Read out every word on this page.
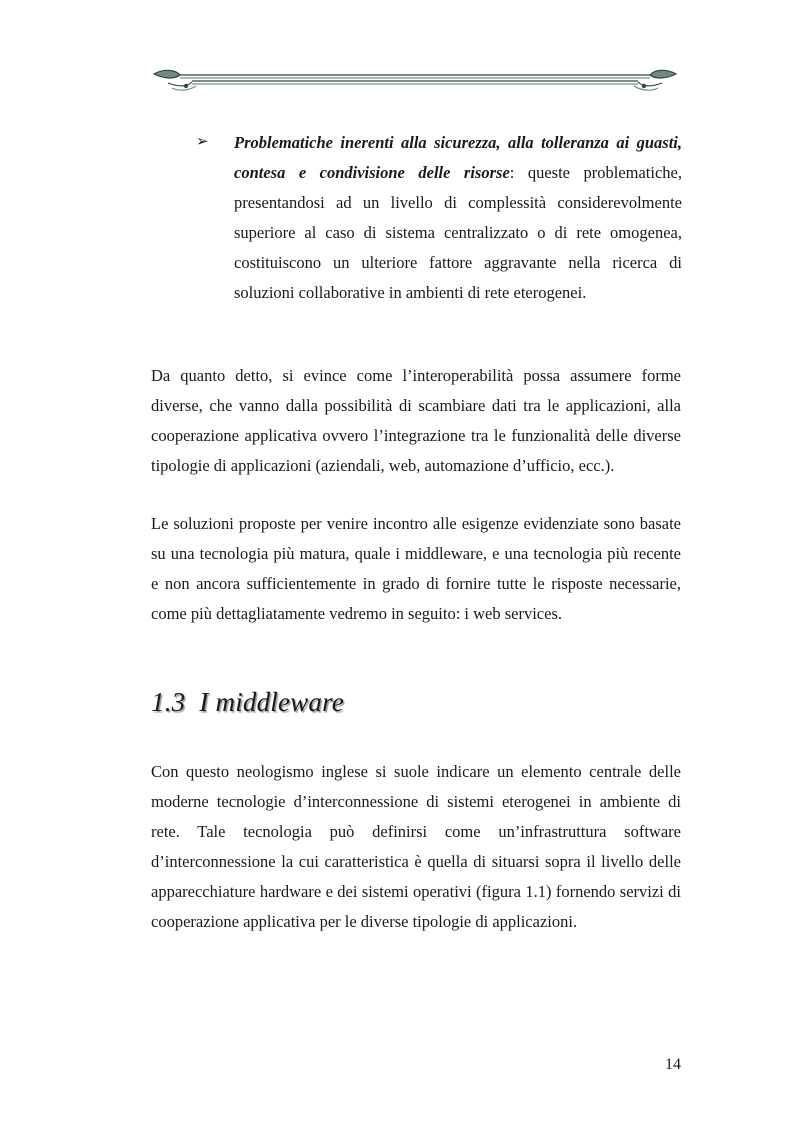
➢ Problematiche inerenti alla sicurezza, alla tolleranza ai guasti, contesa e condivisione delle risorse: queste problematiche, presentandosi ad un livello di complessità considerevolmente superiore al caso di sistema centralizzato o di rete omogenea, costituiscono un ulteriore fattore aggravante nella ricerca di soluzioni collaborative in ambienti di rete eterogenei.

Da quanto detto, si evince come l’interoperabilità possa assumere forme diverse, che vanno dalla possibilità di scambiare dati tra le applicazioni, alla cooperazione applicativa ovvero l’integrazione tra le funzionalità delle diverse tipologie di applicazioni (aziendali, web, automazione d’ufficio, ecc.).

Le soluzioni proposte per venire incontro alle esigenze evidenziate sono basate su una tecnologia più matura, quale i middleware, e una tecnologia più recente e non ancora sufficientemente in grado di fornire tutte le risposte necessarie, come più dettagliatamente vedremo in seguito: i web services.

1.3 I middleware

Con questo neologismo inglese si suole indicare un elemento centrale delle moderne tecnologie d’interconnessione di sistemi eterogenei in ambiente di rete. Tale tecnologia può definirsi come un’infrastruttura software d’interconnessione la cui caratteristica è quella di situarsi sopra il livello delle apparecchiature hardware e dei sistemi operativi (figura 1.1) fornendo servizi di cooperazione applicativa per le diverse tipologie di applicazioni.

14
